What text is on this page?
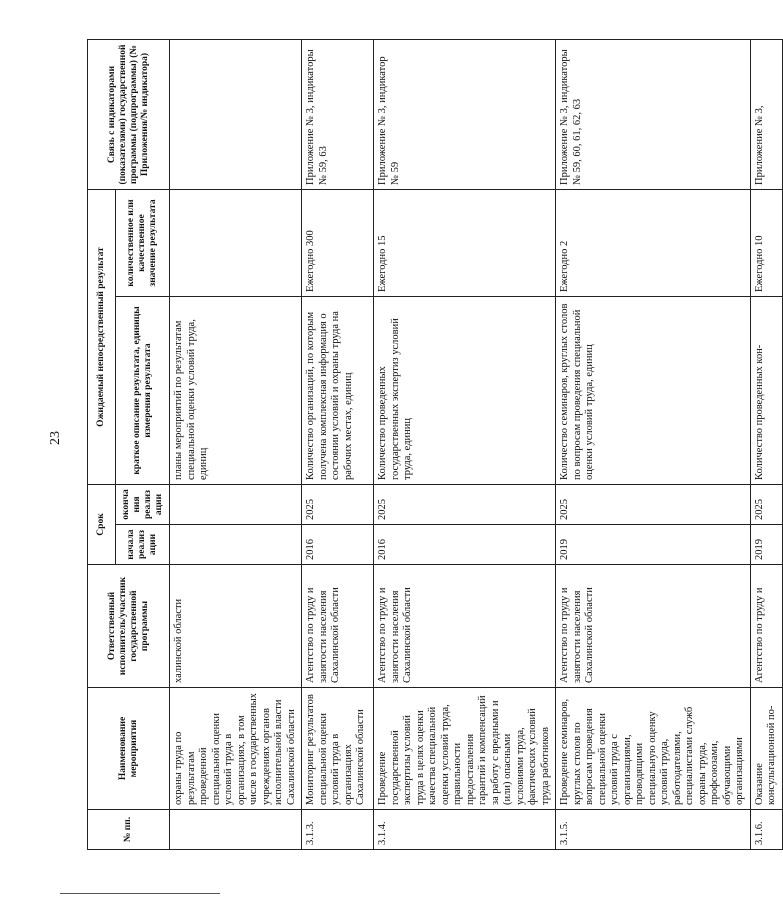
23
№ пп.	Наименование мероприятия	Ответственный исполнитель/участник государственной программы	Срок		Ожидаемый непосредственный результат		Связь с индикаторами (показателями) государственной программы (подпрограммы) (№ Приложения/№ индикатора)
			начала реализации	окончания реализации	краткое описание результата, единицы измерения результата	количественное или качественное значение результата	
	охраны труда по результатам проведенной специальной оценки условий труда в организациях, в том числе в государственных учреждениях органов исполнительной власти Сахалинской области	халинской области			планы мероприятий по результатам специальной оценки условий труда, единиц		
3.1.3.	Мониторинг результатов специальной оценки условий труда в организациях Сахалинской области	Агентство по труду и занятости населения Сахалинской области	2016	2025	Количество организаций, по которым получена комплексная информация о состоянии условий и охраны труда на рабочих местах, единиц	Ежегодно 300	Приложение № 3, индикаторы № 59, 63
3.1.4.	Проведение государственной экспертизы условий труда в целях оценки качества специальной оценки условий труда, правильности предоставления гарантий и компенсаций за работу с вредными и (или) опасными условиями труда, фактических условий труда работников	Агентство по труду и занятости населения Сахалинской области	2016	2025	Количество проведенных государственных экспертиз условий труда, единиц	Ежегодно 15	Приложение № 3, индикатор № 59
3.1.5.	Проведение семинаров, круглых столов по вопросам проведения специальной оценки условий труда с организациями, проводящими специальную оценку условий труда, работодателями, специалистами служб охраны труда, профсоюзами, обучающими организациями	Агентство по труду и занятости населения Сахалинской области	2019	2025	Количество семинаров, круглых столов по вопросам проведения специальной оценки условий труда, единиц	Ежегодно 2	Приложение № 3, индикаторы № 59, 60, 61, 62, 63
3.1.6.	Оказание консультационной по-	Агентство по труду и	2019	2025	Количество проведенных кон-	Ежегодно 10	Приложение № 3,
